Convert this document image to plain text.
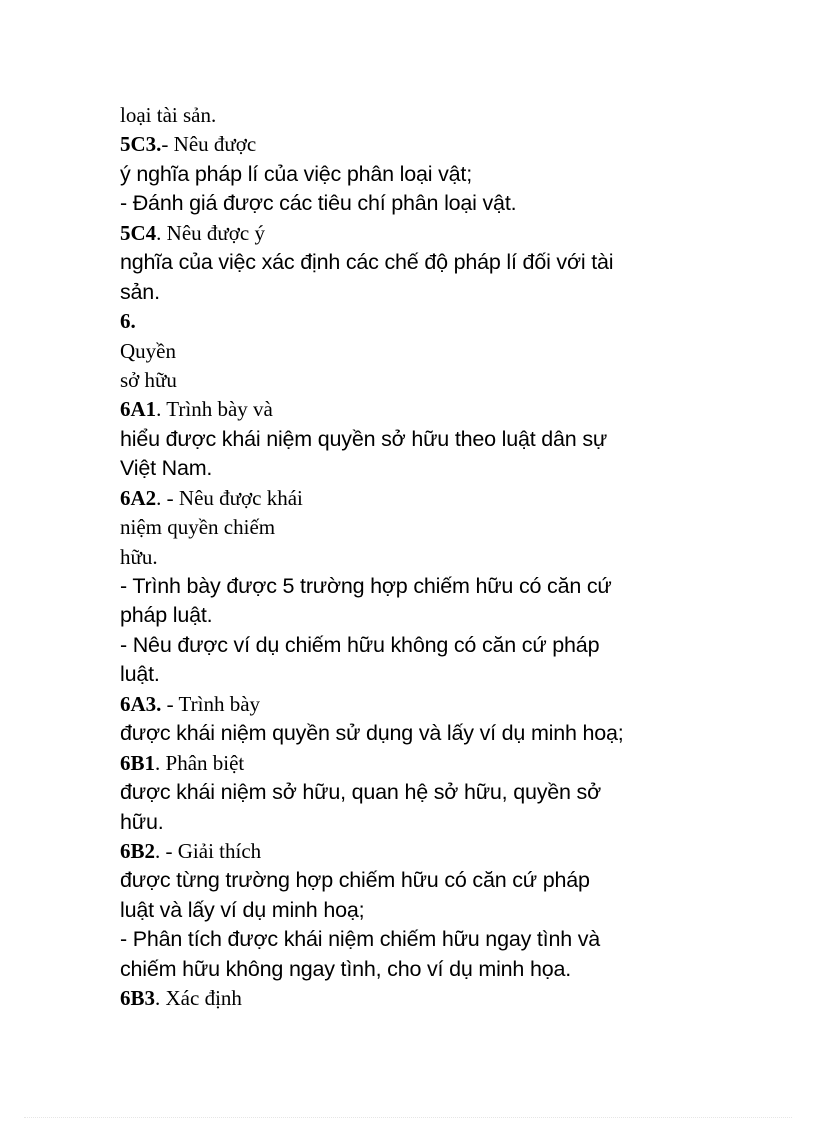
loại tài sản.
5C3.- Nêu được
ý nghĩa pháp lí của việc phân loại vật;
- Đánh giá được các tiêu chí phân loại vật.
5C4. Nêu được ý
nghĩa của việc xác định các chế độ pháp lí đối với tài
sản.
6.
Quyền
sở hữu
6A1. Trình bày và
hiểu được khái niệm quyền sở hữu theo luật dân sự
Việt Nam.
6A2. - Nêu được khái
niệm quyền chiếm
hữu.
- Trình bày được 5 trường hợp chiếm hữu có căn cứ
pháp luật.
- Nêu được ví dụ chiếm hữu không có căn cứ pháp
luật.
6A3. - Trình bày
được khái niệm quyền sử dụng và lấy ví dụ minh hoạ;
6B1. Phân biệt
được khái niệm sở hữu, quan hệ sở hữu, quyền sở
hữu.
6B2. - Giải thích
được từng trường hợp chiếm hữu có căn cứ pháp
luật và lấy ví dụ minh hoạ;
- Phân tích được khái niệm chiếm hữu ngay tình và
chiếm hữu không ngay tình, cho ví dụ minh họa.
6B3. Xác định
